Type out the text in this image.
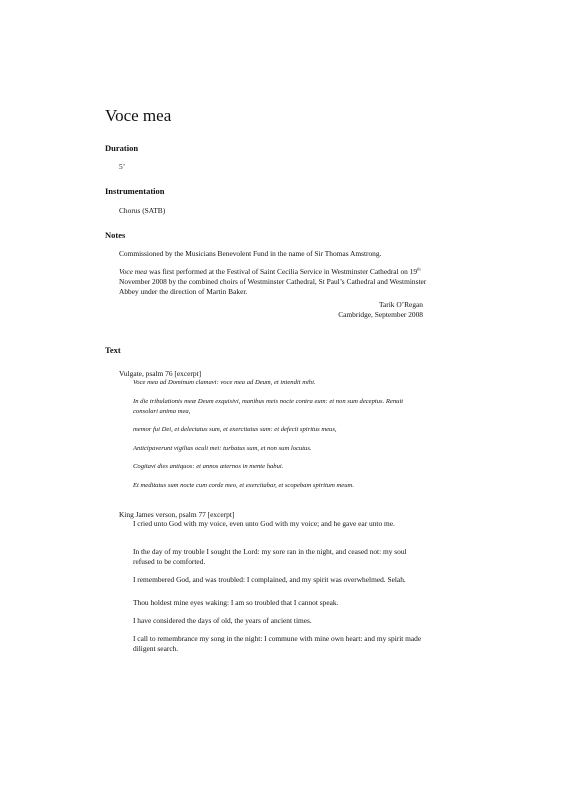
Voce mea
Duration
5’
Instrumentation
Chorus (SATB)
Notes
Commissioned by the Musicians Benevolent Fund in the name of Sir Thomas Amstrong.
Voce mea was first performed at the Festival of Saint Cecilia Service in Westminster Cathedral on 19th November 2008 by the combined choirs of Westminster Cathedral, St Paul’s Cathedral and Westminster Abbey under the direction of Martin Baker.
Tarik O’Regan
Cambridge, September 2008
Text
Vulgate, psalm 76 [excerpt]
Voce mea ad Dominum clamavi: voce mea ad Deum, et intendit mihi.
In die tribulationis meæ Deum exquisivi, manibus meis nocte contra eum: et non sum deceptus. Renuit consolari anima mea,
memor fui Dei, et delectatus sum, et exercitatus sum: et defecit spiritus meus,
Anticipaverunt vigilias oculi mei: turbatus sum, et non sum locutus.
Cogitavi dies antiquos: et annos æternos in mente habui.
Et meditatus sum nocte cum corde meo, et exercitabar, et scopebam spiritum meum.
King James verson, psalm 77 [excerpt]
I cried unto God with my voice, even unto God with my voice; and he gave ear unto me.
In the day of my trouble I sought the Lord: my sore ran in the night, and ceased not: my soul refused to be comforted.
I remembered God, and was troubled: I complained, and my spirit was overwhelmed. Selah.
Thou holdest mine eyes waking: I am so troubled that I cannot speak.
I have considered the days of old, the years of ancient times.
I call to remembrance my song in the night: I commune with mine own heart: and my spirit made diligent search.
